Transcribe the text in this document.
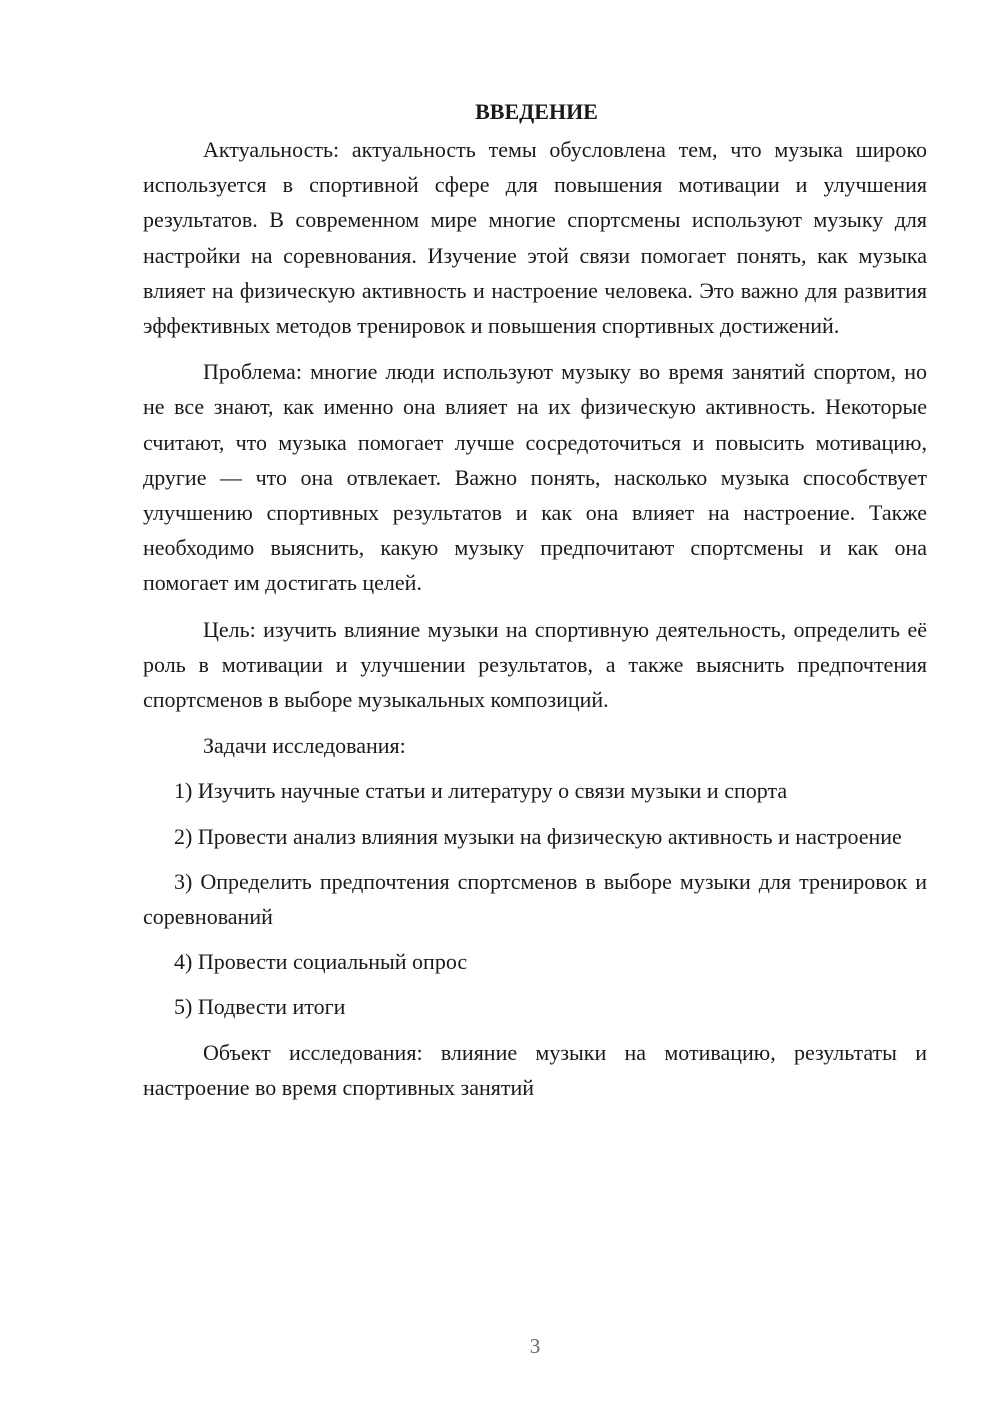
ВВЕДЕНИЕ

Актуальность: актуальность темы обусловлена тем, что музыка широко используется в спортивной сфере для повышения мотивации и улучшения результатов. В современном мире многие спортсмены используют музыку для настройки на соревнования. Изучение этой связи помогает понять, как музыка влияет на физическую активность и настроение человека. Это важно для развития эффективных методов тренировок и повышения спортивных достижений.

Проблема: многие люди используют музыку во время занятий спортом, но не все знают, как именно она влияет на их физическую активность. Некоторые считают, что музыка помогает лучше сосредоточиться и повысить мотивацию, другие — что она отвлекает. Важно понять, насколько музыка способствует улучшению спортивных результатов и как она влияет на настроение. Также необходимо выяснить, какую музыку предпочитают спортсмены и как она помогает им достигать целей.

Цель: изучить влияние музыки на спортивную деятельность, определить её роль в мотивации и улучшении результатов, а также выяснить предпочтения спортсменов в выборе музыкальных композиций.

Задачи исследования:

1) Изучить научные статьи и литературу о связи музыки и спорта

2) Провести анализ влияния музыки на физическую активность и настроение

3) Определить предпочтения спортсменов в выборе музыки для тренировок и соревнований

4) Провести социальный опрос

5) Подвести итоги

Объект исследования: влияние музыки на мотивацию, результаты и настроение во время спортивных занятий

3
